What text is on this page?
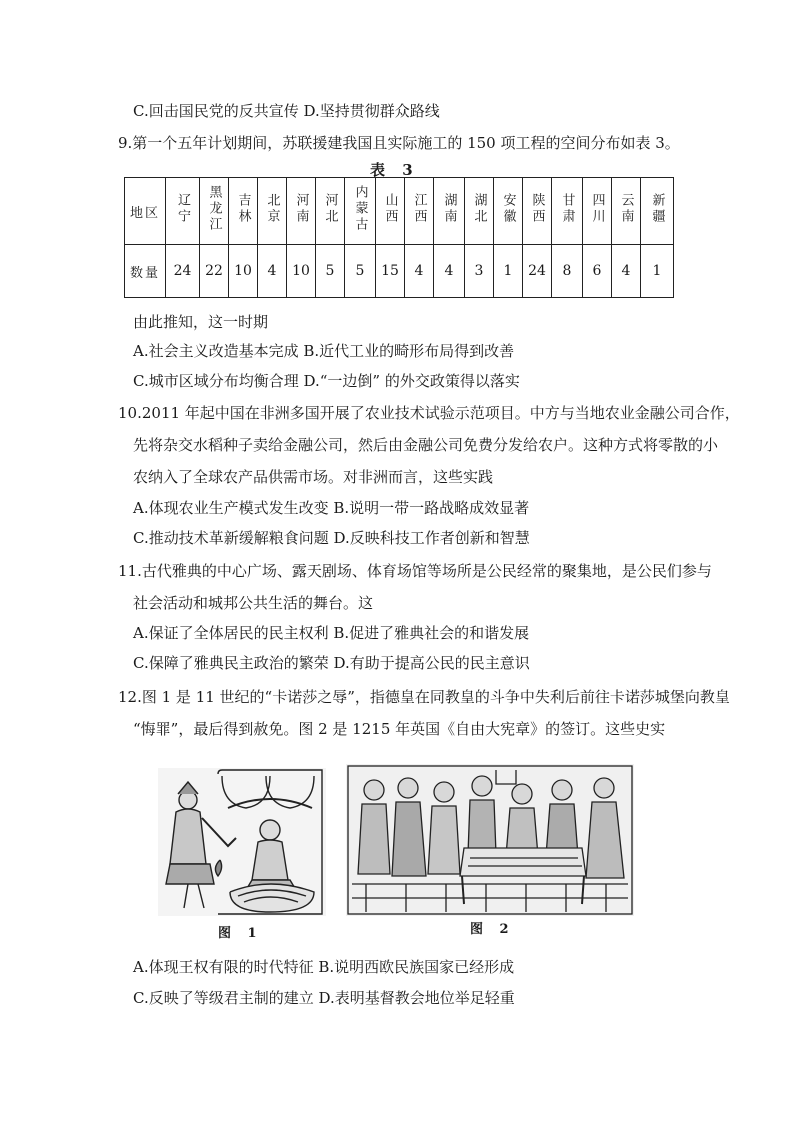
C.回击国民党的反共宣传 D.坚持贯彻群众路线
9.第一个五年计划期间，苏联援建我国且实际施工的 150 项工程的空间分布如表 3。
表 3
地区	辽宁	黑龙江	吉林	北京	河南	河北	内蒙古	山西	江西	湖南	湖北	安徽	陕西	甘肃	四川	云南	新疆
数量	24	22	10	4	10	5	5	15	4	4	3	1	24	8	6	4	1
由此推知，这一时期
A.社会主义改造基本完成 B.近代工业的畸形布局得到改善
C.城市区域分布均衡合理 D.“一边倒” 的外交政策得以落实
10.2011 年起中国在非洲多国开展了农业技术试验示范项目。中方与当地农业金融公司合作，
先将杂交水稻种子卖给金融公司，然后由金融公司免费分发给农户。这种方式将零散的小
农纳入了全球农产品供需市场。对非洲而言，这些实践
A.体现农业生产模式发生改变 B.说明一带一路战略成效显著
C.推动技术革新缓解粮食问题 D.反映科技工作者创新和智慧
11.古代雅典的中心广场、露天剧场、体育场馆等场所是公民经常的聚集地，是公民们参与
社会活动和城邦公共生活的舞台。这
A.保证了全体居民的民主权利 B.促进了雅典社会的和谐发展
C.保障了雅典民主政治的繁荣 D.有助于提高公民的民主意识
12.图 1 是 11 世纪的“卡诺莎之辱”，指德皇在同教皇的斗争中失利后前往卡诺莎城堡向教皇
“悔罪”，最后得到赦免。图 2 是 1215 年英国《自由大宪章》的签订。这些史实
图 1	图 2
A.体现王权有限的时代特征 B.说明西欧民族国家已经形成
C.反映了等级君主制的建立 D.表明基督教会地位举足轻重
